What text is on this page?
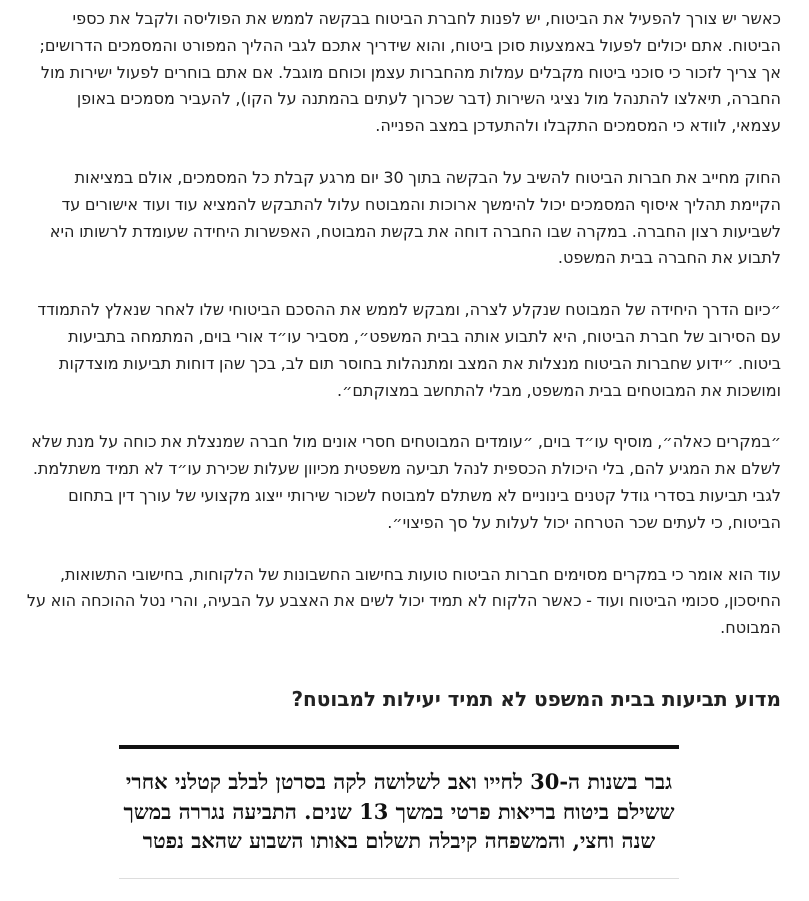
כאשר יש צורך להפעיל את הביטוח, יש לפנות לחברת הביטוח בבקשה לממש את הפוליסה ולקבל את כספי הביטוח. אתם יכולים לפעול באמצעות סוכן ביטוח, והוא שידריך אתכם לגבי ההליך המפורט והמסמכים הדרושים; אך צריך לזכור כי סוכני ביטוח מקבלים עמלות מהחברות עצמן וכוחם מוגבל. אם אתם בוחרים לפעול ישירות מול החברה, תיאלצו להתנהל מול נציגי השירות (דבר שכרוך לעתים בהמתנה על הקו), להעביר מסמכים באופן עצמאי, לוודא כי המסמכים התקבלו ולהתעדכן במצב הפנייה.

החוק מחייב את חברות הביטוח להשיב על הבקשה בתוך 30 יום מרגע קבלת כל המסמכים, אולם במציאות הקיימת תהליך איסוף המסמכים יכול להימשך ארוכות והמבוטח עלול להתבקש להמציא עוד ועוד אישורים עד לשביעות רצון החברה. במקרה שבו החברה דוחה את בקשת המבוטח, האפשרות היחידה שעומדת לרשותו היא לתבוע את החברה בבית המשפט.

״כיום הדרך היחידה של המבוטח שנקלע לצרה, ומבקש לממש את ההסכם הביטוחי שלו לאחר שנאלץ להתמודד עם הסירוב של חברת הביטוח, היא לתבוע אותה בבית המשפט״, מסביר עו״ד אורי בוים, המתמחה בתביעות ביטוח. ״ידוע שחברות הביטוח מנצלות את המצב ומתנהלות בחוסר תום לב, בכך שהן דוחות תביעות מוצדקות ומושכות את המבוטחים בבית המשפט, מבלי להתחשב במצוקתם״.

״במקרים כאלה״, מוסיף עו״ד בוים, ״עומדים המבוטחים חסרי אונים מול חברה שמנצלת את כוחה על מנת שלא לשלם את המגיע להם, בלי היכולת הכספית לנהל תביעה משפטית מכיוון שעלות שכירת עו״ד לא תמיד משתלמת. לגבי תביעות בסדרי גודל קטנים בינוניים לא משתלם למבוטח לשכור שירותי ייצוג מקצועי של עורך דין בתחום הביטוח, כי לעתים שכר הטרחה יכול לעלות על סך הפיצוי״.

עוד הוא אומר כי במקרים מסוימים חברות הביטוח טועות בחישוב החשבונות של הלקוחות, בחישובי התשואות, החיסכון, סכומי הביטוח ועוד - כאשר הלקוח לא תמיד יכול לשים את האצבע על הבעיה, והרי נטל ההוכחה הוא על המבוטח.

מדוע תביעות בבית המשפט לא תמיד יעילות למבוטח?

גבר בשנות ה-30 לחייו ואב לשלושה לקה בסרטן לבלב קטלני אחרי ששילם ביטוח בריאות פרטי במשך 13 שנים. התביעה נגררה במשך שנה וחצי, והמשפחה קיבלה תשלום באותו השבוע שהאב נפטר
